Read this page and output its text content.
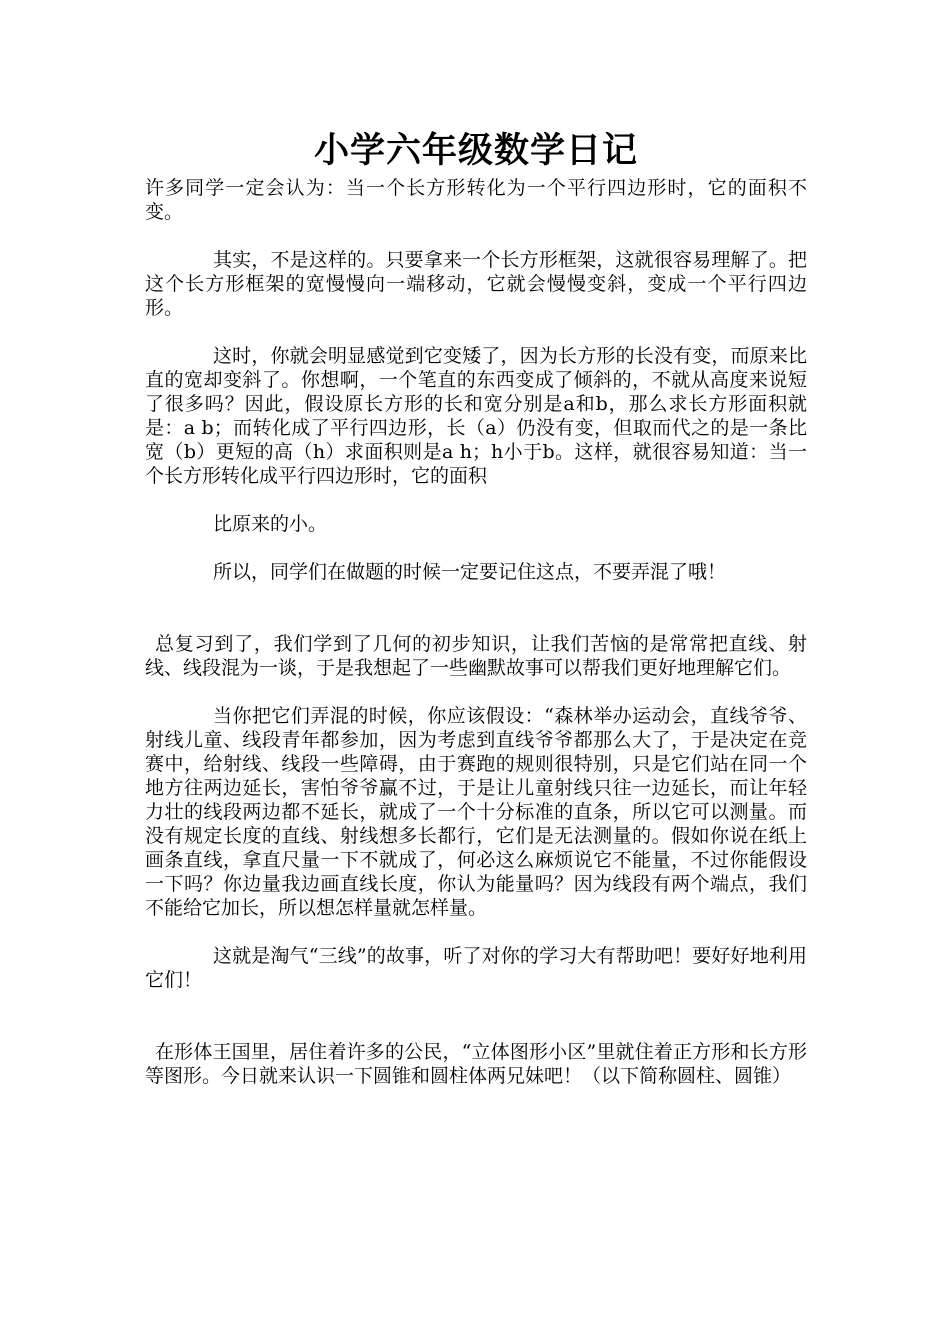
小学六年级数学日记

许多同学一定会认为：当一个长方形转化为一个平行四边形时，它的面积不变。

其实，不是这样的。只要拿来一个长方形框架，这就很容易理解了。把这个长方形框架的宽慢慢向一端移动，它就会慢慢变斜，变成一个平行四边形。

这时，你就会明显感觉到它变矮了，因为长方形的长没有变，而原来比直的宽却变斜了。你想啊，一个笔直的东西变成了倾斜的，不就从高度来说短了很多吗？因此，假设原长方形的长和宽分别是a和b，那么求长方形面积就是：a b；而转化成了平行四边形，长（a）仍没有变，但取而代之的是一条比宽（b）更短的高（h）求面积则是a h；h小于b。这样，就很容易知道：当一个长方形转化成平行四边形时，它的面积

比原来的小。

所以，同学们在做题的时候一定要记住这点，不要弄混了哦！

总复习到了，我们学到了几何的初步知识，让我们苦恼的是常常把直线、射线、线段混为一谈，于是我想起了一些幽默故事可以帮我们更好地理解它们。

当你把它们弄混的时候，你应该假设：“森林举办运动会，直线爷爷、射线儿童、线段青年都参加，因为考虑到直线爷爷都那么大了，于是决定在竞赛中，给射线、线段一些障碍，由于赛跑的规则很特别，只是它们站在同一个地方往两边延长，害怕爷爷赢不过，于是让儿童射线只往一边延长，而让年轻力壮的线段两边都不延长，就成了一个十分标准的直条，所以它可以测量。而没有规定长度的直线、射线想多长都行，它们是无法测量的。假如你说在纸上画条直线，拿直尺量一下不就成了，何必这么麻烦说它不能量，不过你能假设一下吗？你边量我边画直线长度，你认为能量吗？因为线段有两个端点，我们不能给它加长，所以想怎样量就怎样量。

这就是淘气“三线”的故事，听了对你的学习大有帮助吧！要好好地利用它们！

在形体王国里，居住着许多的公民，“立体图形小区”里就住着正方形和长方形等图形。今日就来认识一下圆锥和圆柱体两兄妹吧！（以下简称圆柱、圆锥）
